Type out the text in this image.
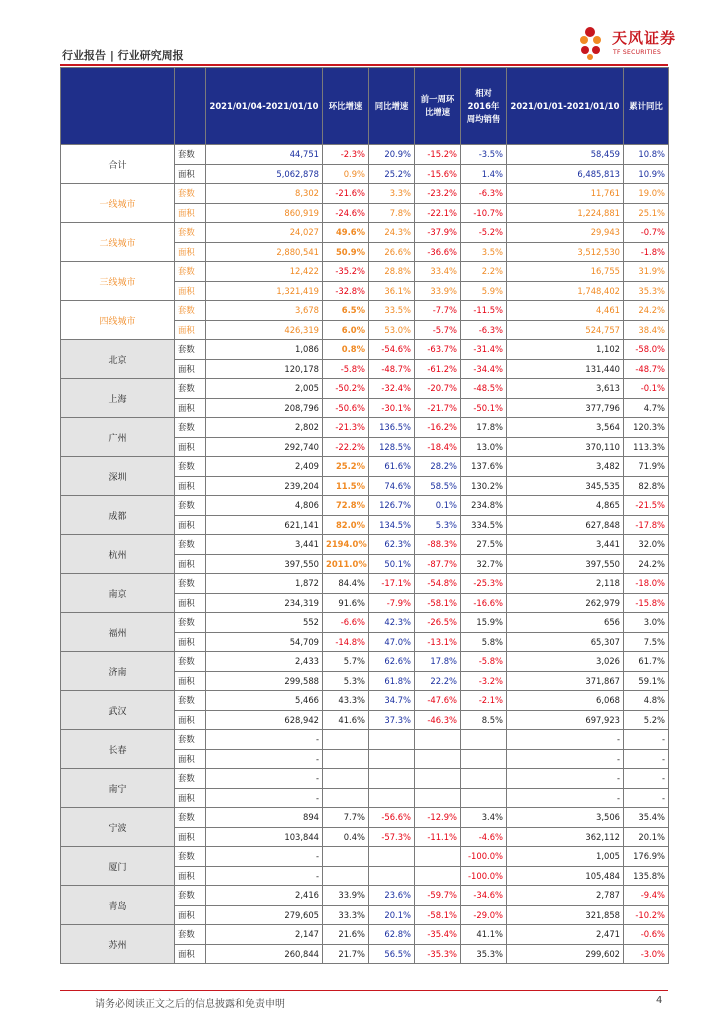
行业报告 | 行业研究周报
天风证券
TF SECURITIES
		2021/01/04-2021/01/10	环比增速	同比增速	前一周环比增速	相对2016年周均销售	2021/01/01-2021/01/10	累计同比
合计	套数	44,751	-2.3%	20.9%	-15.2%	-3.5%	58,459	10.8%
	面积	5,062,878	0.9%	25.2%	-15.6%	1.4%	6,485,813	10.9%
一线城市	套数	8,302	-21.6%	3.3%	-23.2%	-6.3%	11,761	19.0%
	面积	860,919	-24.6%	7.8%	-22.1%	-10.7%	1,224,881	25.1%
二线城市	套数	24,027	49.6%	24.3%	-37.9%	-5.2%	29,943	-0.7%
	面积	2,880,541	50.9%	26.6%	-36.6%	3.5%	3,512,530	-1.8%
三线城市	套数	12,422	-35.2%	28.8%	33.4%	2.2%	16,755	31.9%
	面积	1,321,419	-32.8%	36.1%	33.9%	5.9%	1,748,402	35.3%
四线城市	套数	3,678	6.5%	33.5%	-7.7%	-11.5%	4,461	24.2%
	面积	426,319	6.0%	53.0%	-5.7%	-6.3%	524,757	38.4%
北京	套数	1,086	0.8%	-54.6%	-63.7%	-31.4%	1,102	-58.0%
	面积	120,178	-5.8%	-48.7%	-61.2%	-34.4%	131,440	-48.7%
上海	套数	2,005	-50.2%	-32.4%	-20.7%	-48.5%	3,613	-0.1%
	面积	208,796	-50.6%	-30.1%	-21.7%	-50.1%	377,796	4.7%
广州	套数	2,802	-21.3%	136.5%	-16.2%	17.8%	3,564	120.3%
	面积	292,740	-22.2%	128.5%	-18.4%	13.0%	370,110	113.3%
深圳	套数	2,409	25.2%	61.6%	28.2%	137.6%	3,482	71.9%
	面积	239,204	11.5%	74.6%	58.5%	130.2%	345,535	82.8%
成都	套数	4,806	72.8%	126.7%	0.1%	234.8%	4,865	-21.5%
	面积	621,141	82.0%	134.5%	5.3%	334.5%	627,848	-17.8%
杭州	套数	3,441	2194.0%	62.3%	-88.3%	27.5%	3,441	32.0%
	面积	397,550	2011.0%	50.1%	-87.7%	32.7%	397,550	24.2%
南京	套数	1,872	84.4%	-17.1%	-54.8%	-25.3%	2,118	-18.0%
	面积	234,319	91.6%	-7.9%	-58.1%	-16.6%	262,979	-15.8%
福州	套数	552	-6.6%	42.3%	-26.5%	15.9%	656	3.0%
	面积	54,709	-14.8%	47.0%	-13.1%	5.8%	65,307	7.5%
济南	套数	2,433	5.7%	62.6%	17.8%	-5.8%	3,026	61.7%
	面积	299,588	5.3%	61.8%	22.2%	-3.2%	371,867	59.1%
武汉	套数	5,466	43.3%	34.7%	-47.6%	-2.1%	6,068	4.8%
	面积	628,942	41.6%	37.3%	-46.3%	8.5%	697,923	5.2%
长春	套数	-					-	-
	面积	-					-	-
南宁	套数	-					-	-
	面积	-					-	-
宁波	套数	894	7.7%	-56.6%	-12.9%	3.4%	3,506	35.4%
	面积	103,844	0.4%	-57.3%	-11.1%	-4.6%	362,112	20.1%
厦门	套数	-				-100.0%	1,005	176.9%
	面积	-				-100.0%	105,484	135.8%
青岛	套数	2,416	33.9%	23.6%	-59.7%	-34.6%	2,787	-9.4%
	面积	279,605	33.3%	20.1%	-58.1%	-29.0%	321,858	-10.2%
苏州	套数	2,147	21.6%	62.8%	-35.4%	41.1%	2,471	-0.6%
	面积	260,844	21.7%	56.5%	-35.3%	35.3%	299,602	-3.0%
请务必阅读正文之后的信息披露和免责申明	4
